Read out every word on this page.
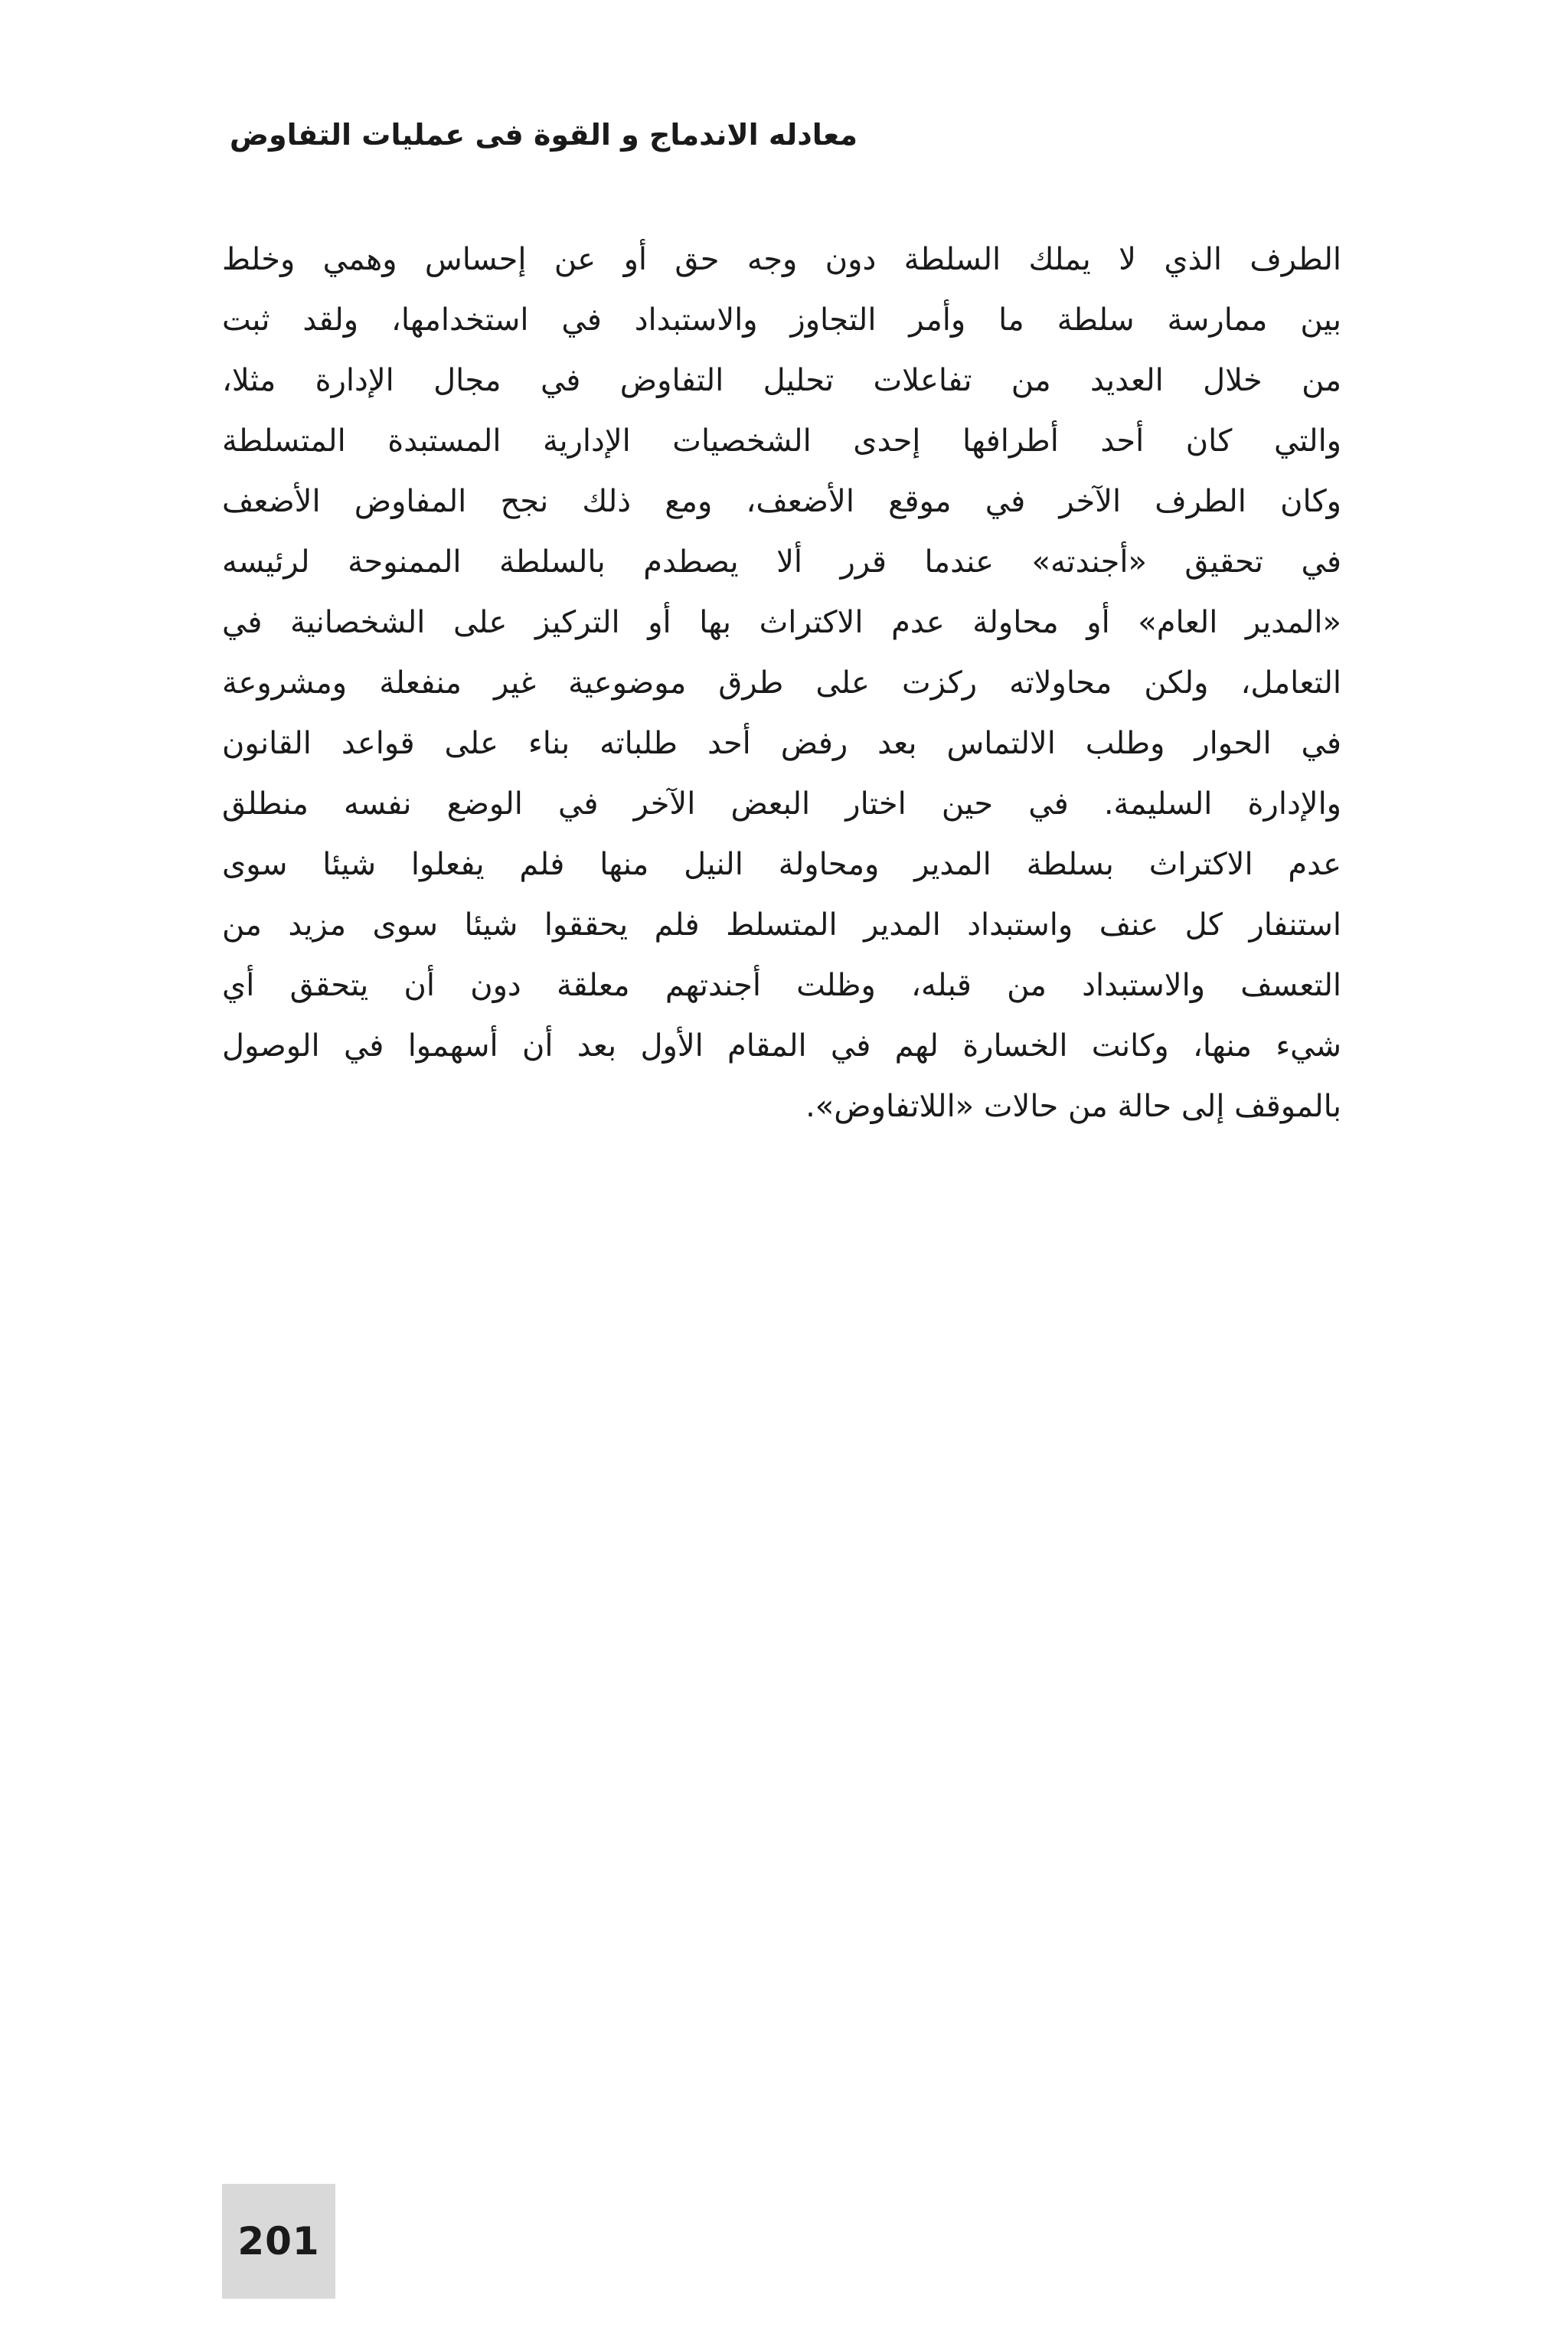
معادله الاندماج و القوة فى عمليات التفاوض
الطرف الذي لا يملك السلطة دون وجه حق أو عن إحساس وهمي وخلط
بين ممارسة سلطة ما وأمر التجاوز والاستبداد في استخدامها، ولقد ثبت
من خلال العديد من تفاعلات تحليل التفاوض في مجال الإدارة مثلا،
والتي كان أحد أطرافها إحدى الشخصيات الإدارية المستبدة المتسلطة
وكان الطرف الآخر في موقع الأضعف، ومع ذلك نجح المفاوض الأضعف
في تحقيق «أجندته» عندما قرر ألا يصطدم بالسلطة الممنوحة لرئيسه
«المدير العام» أو محاولة عدم الاكتراث بها أو التركيز على الشخصانية في
التعامل، ولكن محاولاته ركزت على طرق موضوعية غير منفعلة ومشروعة
في الحوار وطلب الالتماس بعد رفض أحد طلباته بناء على قواعد القانون
والإدارة السليمة. في حين اختار البعض الآخر في الوضع نفسه منطلق
عدم الاكتراث بسلطة المدير ومحاولة النيل منها فلم يفعلوا شيئا سوى
استنفار كل عنف واستبداد المدير المتسلط فلم يحققوا شيئا سوى مزيد من
التعسف والاستبداد من قبله، وظلت أجندتهم معلقة دون أن يتحقق أي
شيء منها، وكانت الخسارة لهم في المقام الأول بعد أن أسهموا في الوصول
بالموقف إلى حالة من حالات «اللاتفاوض».
201
